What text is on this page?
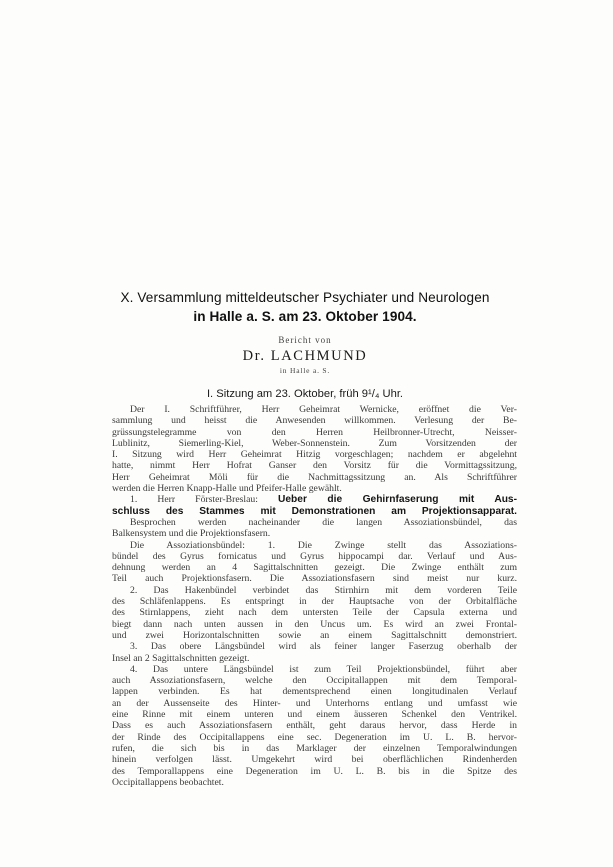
X. Versammlung mitteldeutscher Psychiater und Neurologen
in Halle a. S. am 23. Oktober 1904.
Bericht von
Dr. LACHMUND
in Halle a. S.
I. Sitzung am 23. Oktober, früh 9¹/₄ Uhr.
Der I. Schriftführer, Herr Geheimrat Wernicke, eröffnet die Ver-
sammlung und heisst die Anwesenden willkommen. Verlesung der Be-
grüssungstelegramme von den Herren Heilbronner-Utrecht, Neisser-
Lublinitz, Siemerling-Kiel, Weber-Sonnenstein. Zum Vorsitzenden der
I. Sitzung wird Herr Geheimrat Hitzig vorgeschlagen; nachdem er abgelehnt
hatte, nimmt Herr Hofrat Ganser den Vorsitz für die Vormittagssitzung,
Herr Geheimrat Möli für die Nachmittagssitzung an. Als Schriftführer
werden die Herren Knapp-Halle und Pfeifer-Halle gewählt.
1. Herr Förster-Breslau: Ueber die Gehirnfaserung mit Aus-
schluss des Stammes mit Demonstrationen am Projektionsapparat.
Besprochen werden nacheinander die langen Assoziationsbündel, das
Balkensystem und die Projektionsfasern.
Die Assoziationsbündel: 1. Die Zwinge stellt das Assoziations-
bündel des Gyrus fornicatus und Gyrus hippocampi dar. Verlauf und Aus-
dehnung werden an 4 Sagittalschnitten gezeigt. Die Zwinge enthält zum
Teil auch Projektionsfasern. Die Assoziationsfasern sind meist nur kurz.
2. Das Hakenbündel verbindet das Stirnhirn mit dem vorderen Teile
des Schläfenlappens. Es entspringt in der Hauptsache von der Orbitalfläche
des Stirnlappens, zieht nach dem untersten Teile der Capsula externa und
biegt dann nach unten aussen in den Uncus um. Es wird an zwei Frontal-
und zwei Horizontalschnitten sowie an einem Sagittalschnitt demonstriert.
3. Das obere Längsbündel wird als feiner langer Faserzug oberhalb der
Insel an 2 Sagittalschnitten gezeigt.
4. Das untere Längsbündel ist zum Teil Projektionsbündel, führt aber
auch Assoziationsfasern, welche den Occipitallappen mit dem Temporal-
lappen verbinden. Es hat dementsprechend einen longitudinalen Verlauf
an der Aussenseite des Hinter- und Unterhorns entlang und umfasst wie
eine Rinne mit einem unteren und einem äusseren Schenkel den Ventrikel.
Dass es auch Assoziationsfasern enthält, geht daraus hervor, dass Herde in
der Rinde des Occipitallappens eine sec. Degeneration im U. L. B. hervor-
rufen, die sich bis in das Marklager der einzelnen Temporalwindungen
hinein verfolgen lässt. Umgekehrt wird bei oberflächlichen Rindenherden
des Temporallappens eine Degeneration im U. L. B. bis in die Spitze des
Occipitallappens beobachtet.
